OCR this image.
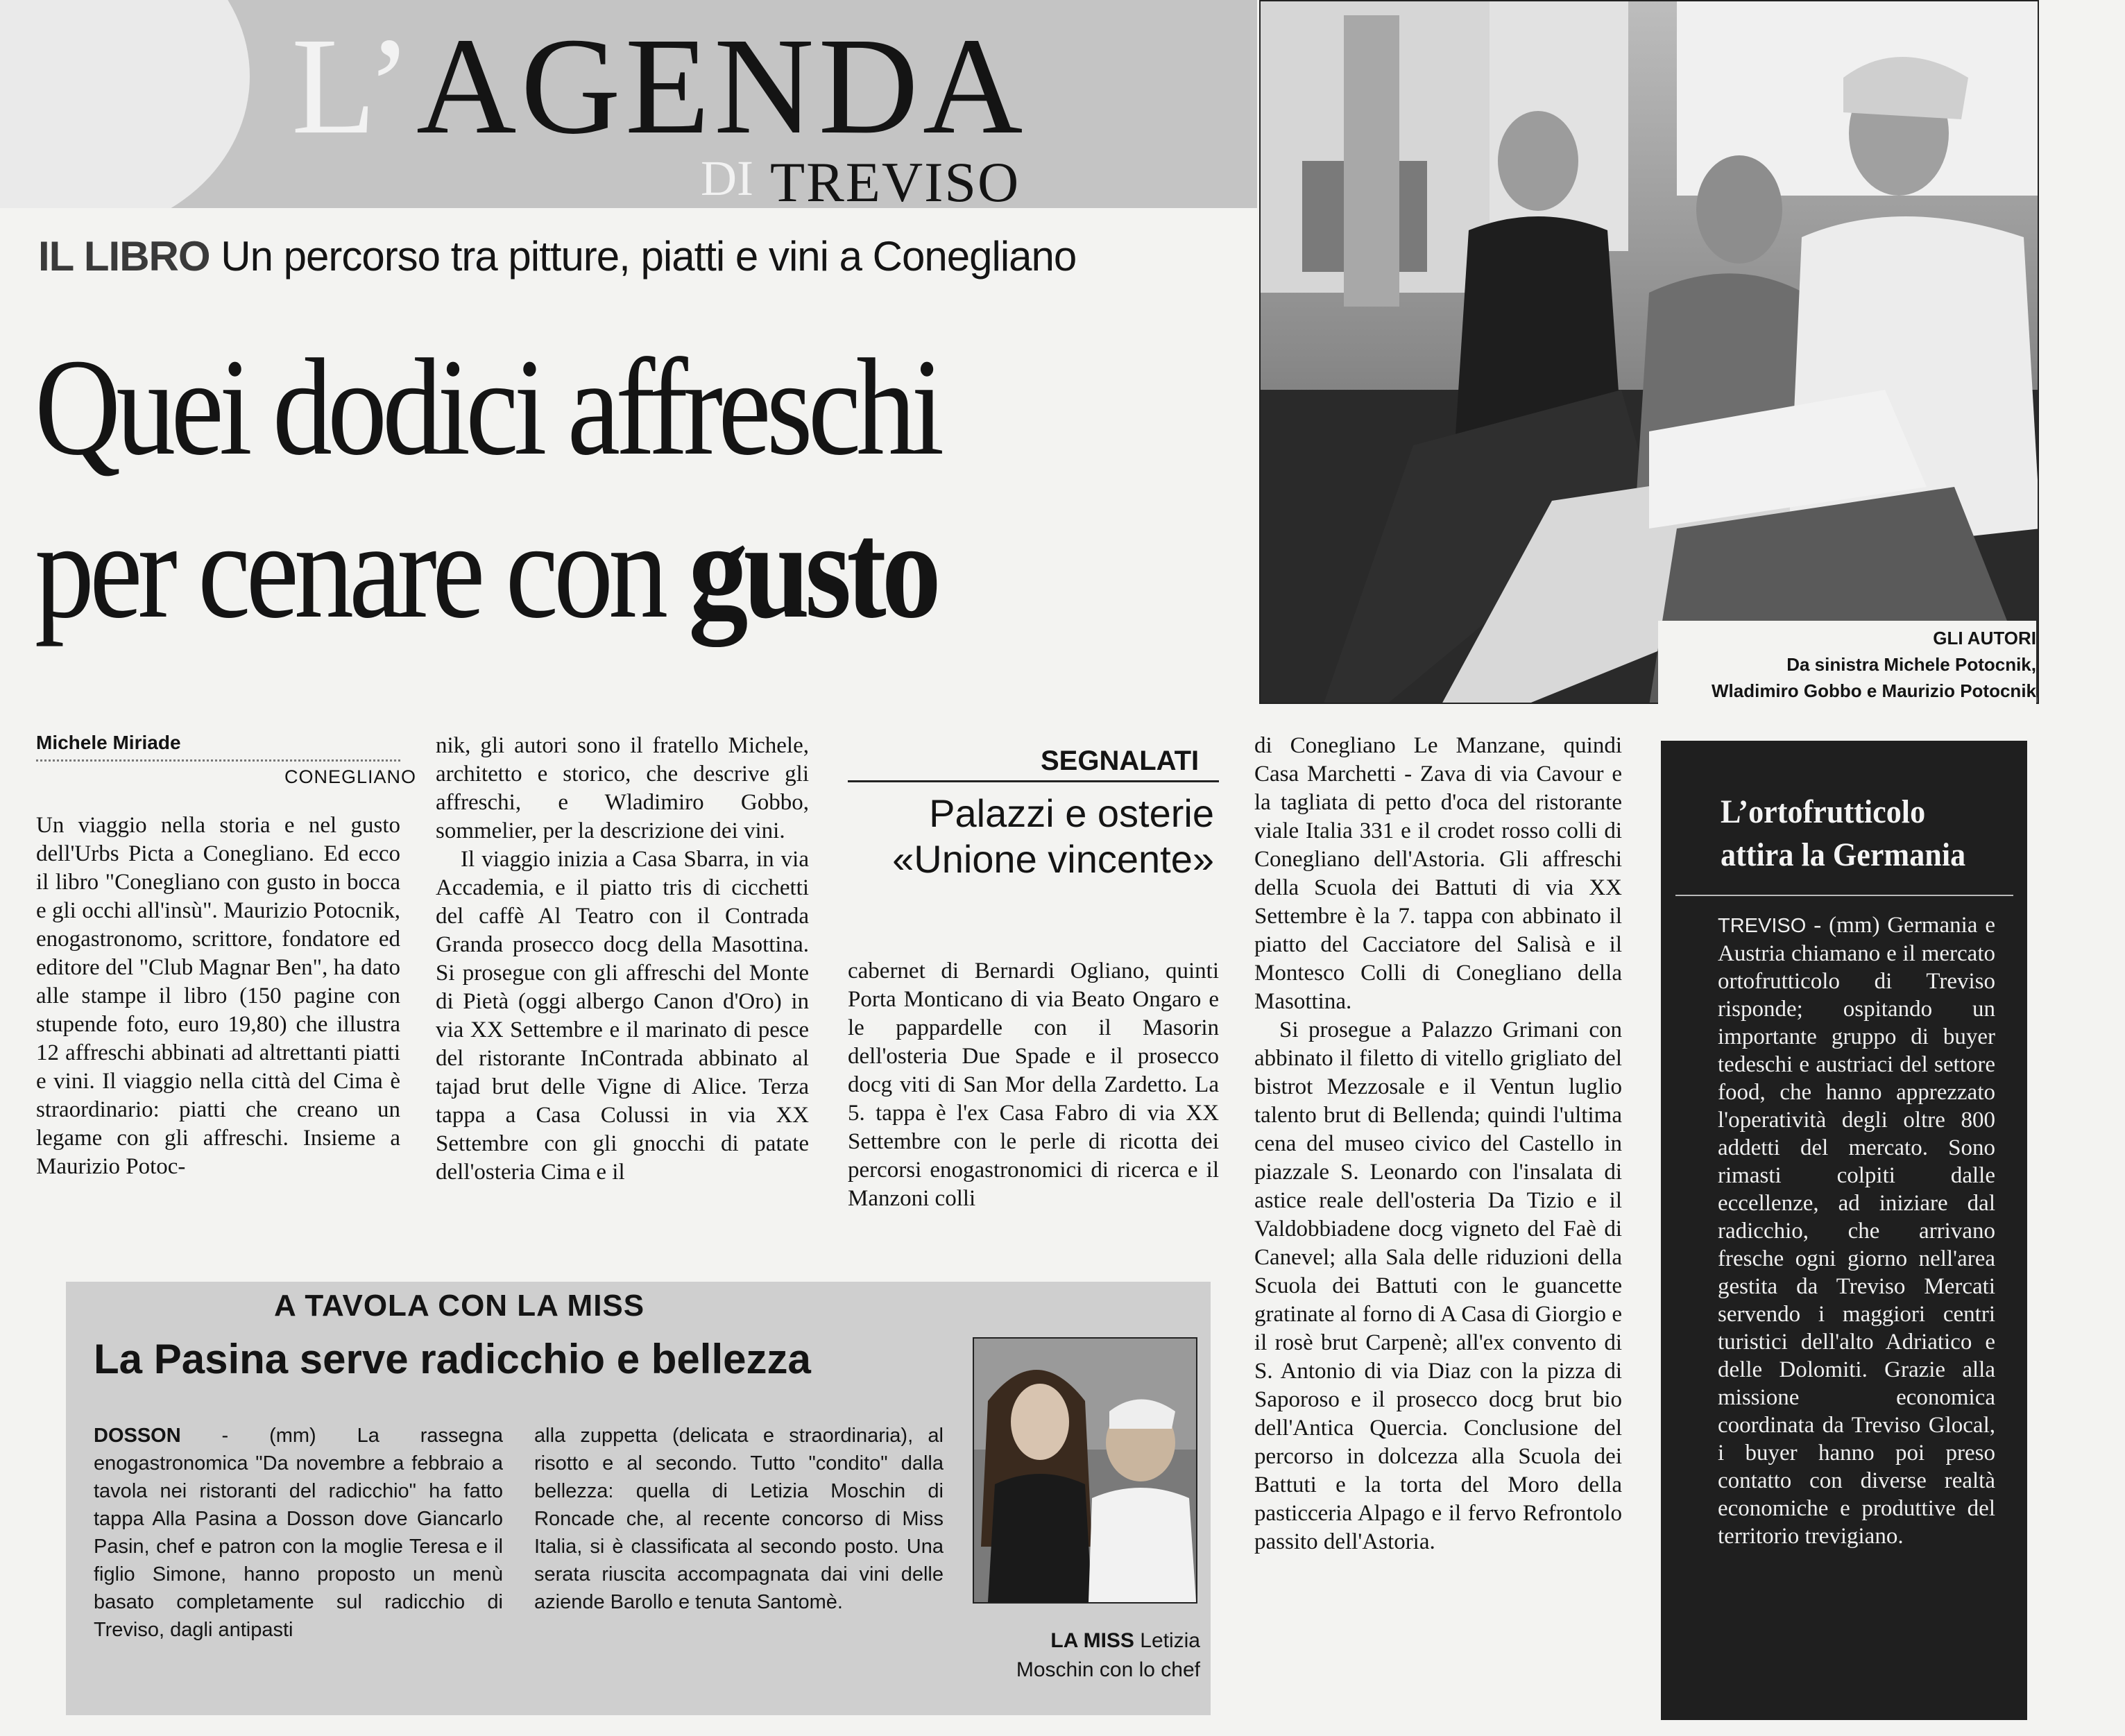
L’ AGENDA
DI TREVISO
IL LIBRO Un percorso tra pitture, piatti e vini a Conegliano
Quei dodici affreschi
per cenare con gusto	GLI AUTORI
Da sinistra Michele Potocnik,
Wladimiro Gobbo e Maurizio Potocnik
Michele Miriade
CONEGLIANO

Un viaggio nella storia e nel gusto dell'Urbs Picta a Conegliano. Ed ecco il libro "Conegliano con gusto in bocca e gli occhi all'insù". Maurizio Potocnik, enogastronomo, scrittore, fondatore ed editore del "Club Magnar Ben", ha dato alle stampe il libro (150 pagine con stupende foto, euro 19,80) che illustra 12 affreschi abbinati ad altrettanti piatti e vini. Il viaggio nella città del Cima è straordinario: piatti che creano un legame con gli affreschi. Insieme a Maurizio Potoc-

nik, gli autori sono il fratello Michele, architetto e storico, che descrive gli affreschi, e Wladimiro Gobbo, sommelier, per la descrizione dei vini.

Il viaggio inizia a Casa Sbarra, in via Accademia, e il piatto tris di cicchetti del caffè Al Teatro con il Contrada Granda prosecco docg della Masottina. Si prosegue con gli affreschi del Monte di Pietà (oggi albergo Canon d'Oro) in via XX Settembre e il marinato di pesce del ristorante InContrada abbinato al tajad brut delle Vigne di Alice. Terza tappa a Casa Colussi in via XX Settembre con gli gnocchi di patate dell'osteria Cima e il

SEGNALATI
Palazzi e osterie
«Unione vincente»

cabernet di Bernardi Ogliano, quinti Porta Monticano di via Beato Ongaro e le pappardelle con il Masorin dell'osteria Due Spade e il prosecco docg viti di San Mor della Zardetto. La 5. tappa è l'ex Casa Fabro di via XX Settembre con le perle di ricotta dei percorsi enogastronomici di ricerca e il Manzoni colli

di Conegliano Le Manzane, quindi Casa Marchetti - Zava di via Cavour e la tagliata di petto d'oca del ristorante viale Italia 331 e il crodet rosso colli di Conegliano dell'Astoria. Gli affreschi della Scuola dei Battuti di via XX Settembre è la 7. tappa con abbinato il piatto del Cacciatore del Salisà e il Montesco Colli di Conegliano della Masottina.

Si prosegue a Palazzo Grimani con abbinato il filetto di vitello grigliato del bistrot Mezzosale e il Ventun luglio talento brut di Bellenda; quindi l'ultima cena del museo civico del Castello in piazzale S. Leonardo con l'insalata di astice reale dell'osteria Da Tizio e il Valdobbiadene docg vigneto del Faè di Canevel; alla Sala delle riduzioni della Scuola dei Battuti con le guancette gratinate al forno di A Casa di Giorgio e il rosè brut Carpenè; all'ex convento di S. Antonio di via Diaz con la pizza di Saporoso e il prosecco docg brut bio dell'Antica Quercia. Conclusione del percorso in dolcezza alla Scuola dei Battuti e la torta del Moro della pasticceria Alpago e il fervo Refrontolo passito dell'Astoria.

L’ortofrutticolo
attira la Germania
TREVISO - (mm) Germania e Austria chiamano e il mercato ortofrutticolo di Treviso risponde; ospitando un importante gruppo di buyer tedeschi e austriaci del settore food, che hanno apprezzato l'operatività degli oltre 800 addetti del mercato. Sono rimasti colpiti dalle eccellenze, ad iniziare dal radicchio, che arrivano fresche ogni giorno nell'area gestita da Treviso Mercati servendo i maggiori centri turistici dell'alto Adriatico e delle Dolomiti. Grazie alla missione economica coordinata da Treviso Glocal, i buyer hanno poi preso contatto con diverse realtà economiche e produttive del territorio trevigiano.
A TAVOLA CON LA MISS
La Pasina serve radicchio e bellezza

DOSSON - (mm) La rassegna enogastronomica "Da novembre a febbraio a tavola nei ristoranti del radicchio" ha fatto tappa Alla Pasina a Dosson dove Giancarlo Pasin, chef e patron con la moglie Teresa e il figlio Simone, hanno proposto un menù basato completamente sul radicchio di Treviso, dagli antipasti

alla zuppetta (delicata e straordinaria), al risotto e al secondo. Tutto "condito" dalla bellezza: quella di Letizia Moschin di Roncade che, al recente concorso di Miss Italia, si è classificata al secondo posto. Una serata riuscita accompagnata dai vini delle aziende Barollo e tenuta Santomè.

LA MISS Letizia
Moschin con lo chef
